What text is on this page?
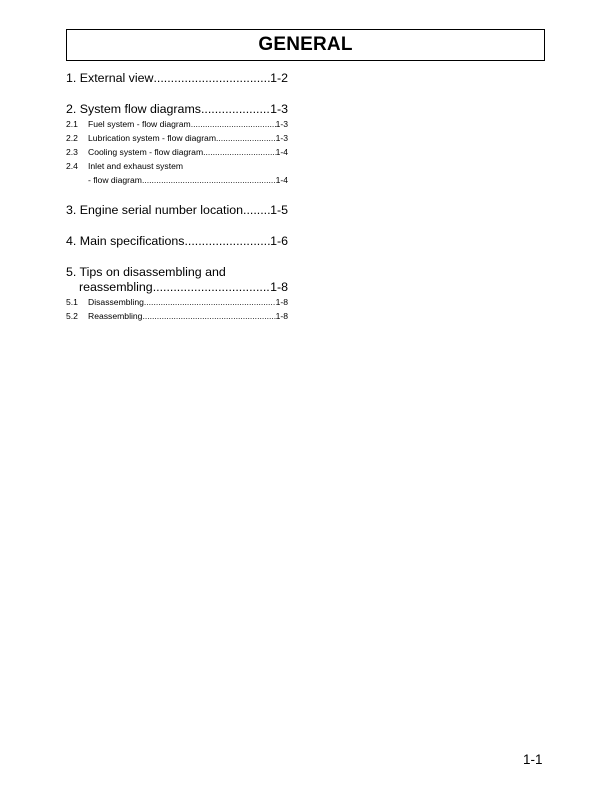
GENERAL
1. External view .....	1-2
2. System flow diagrams .....	1-3
2.1	Fuel system - flow diagram .....	1-3
2.2	Lubrication system - flow diagram .....	1-3
2.3	Cooling system - flow diagram .....	1-4
2.4 Inlet and exhaust system
- flow diagram .....	1-4
3. Engine serial number location ..... 1-5
4. Main specifications .....	1-6
5. Tips on disassembling and
reassembling .....	1-8
5.1	Disassembling .....	1-8
5.2	Reassembling .....	1-8
1-1
